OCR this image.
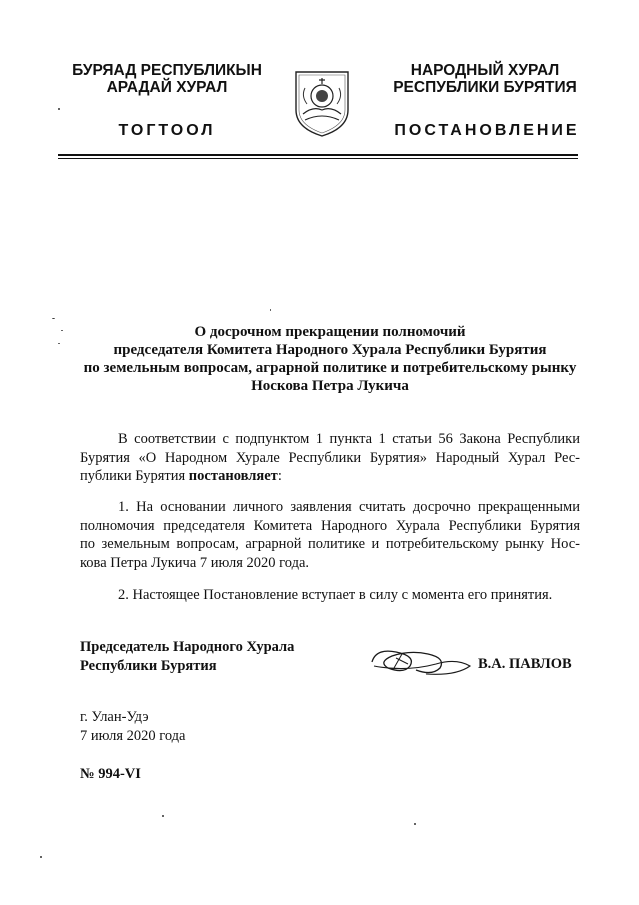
БУРЯАД РЕСПУБЛИКЫН
АРАДАЙ ХУРАЛ
НАРОДНЫЙ ХУРАЛ
РЕСПУБЛИКИ БУРЯТИЯ
ТОГТООЛ	ПОСТАНОВЛЕНИЕ
О досрочном прекращении полномочий
председателя Комитета Народного Хурала Республики Бурятия
по земельным вопросам, аграрной политике и потребительскому рынку
Носкова Петра Лукича
В соответствии с подпунктом 1 пункта 1 статьи 56 Закона Республики
Бурятия «О Народном Хурале Республики Бурятия» Народный Хурал Рес-
публики Бурятия постановляет:
1. На основании личного заявления считать досрочно прекращенными
полномочия председателя Комитета Народного Хурала Республики Бурятия
по земельным вопросам, аграрной политике и потребительскому рынку Нос-
кова Петра Лукича 7 июля 2020 года.
2. Настоящее Постановление вступает в силу с момента его принятия.
Председатель Народного Хурала
Республики Бурятия	В.А. ПАВЛОВ
г. Улан-Удэ
7 июля 2020 года
№ 994-VI
